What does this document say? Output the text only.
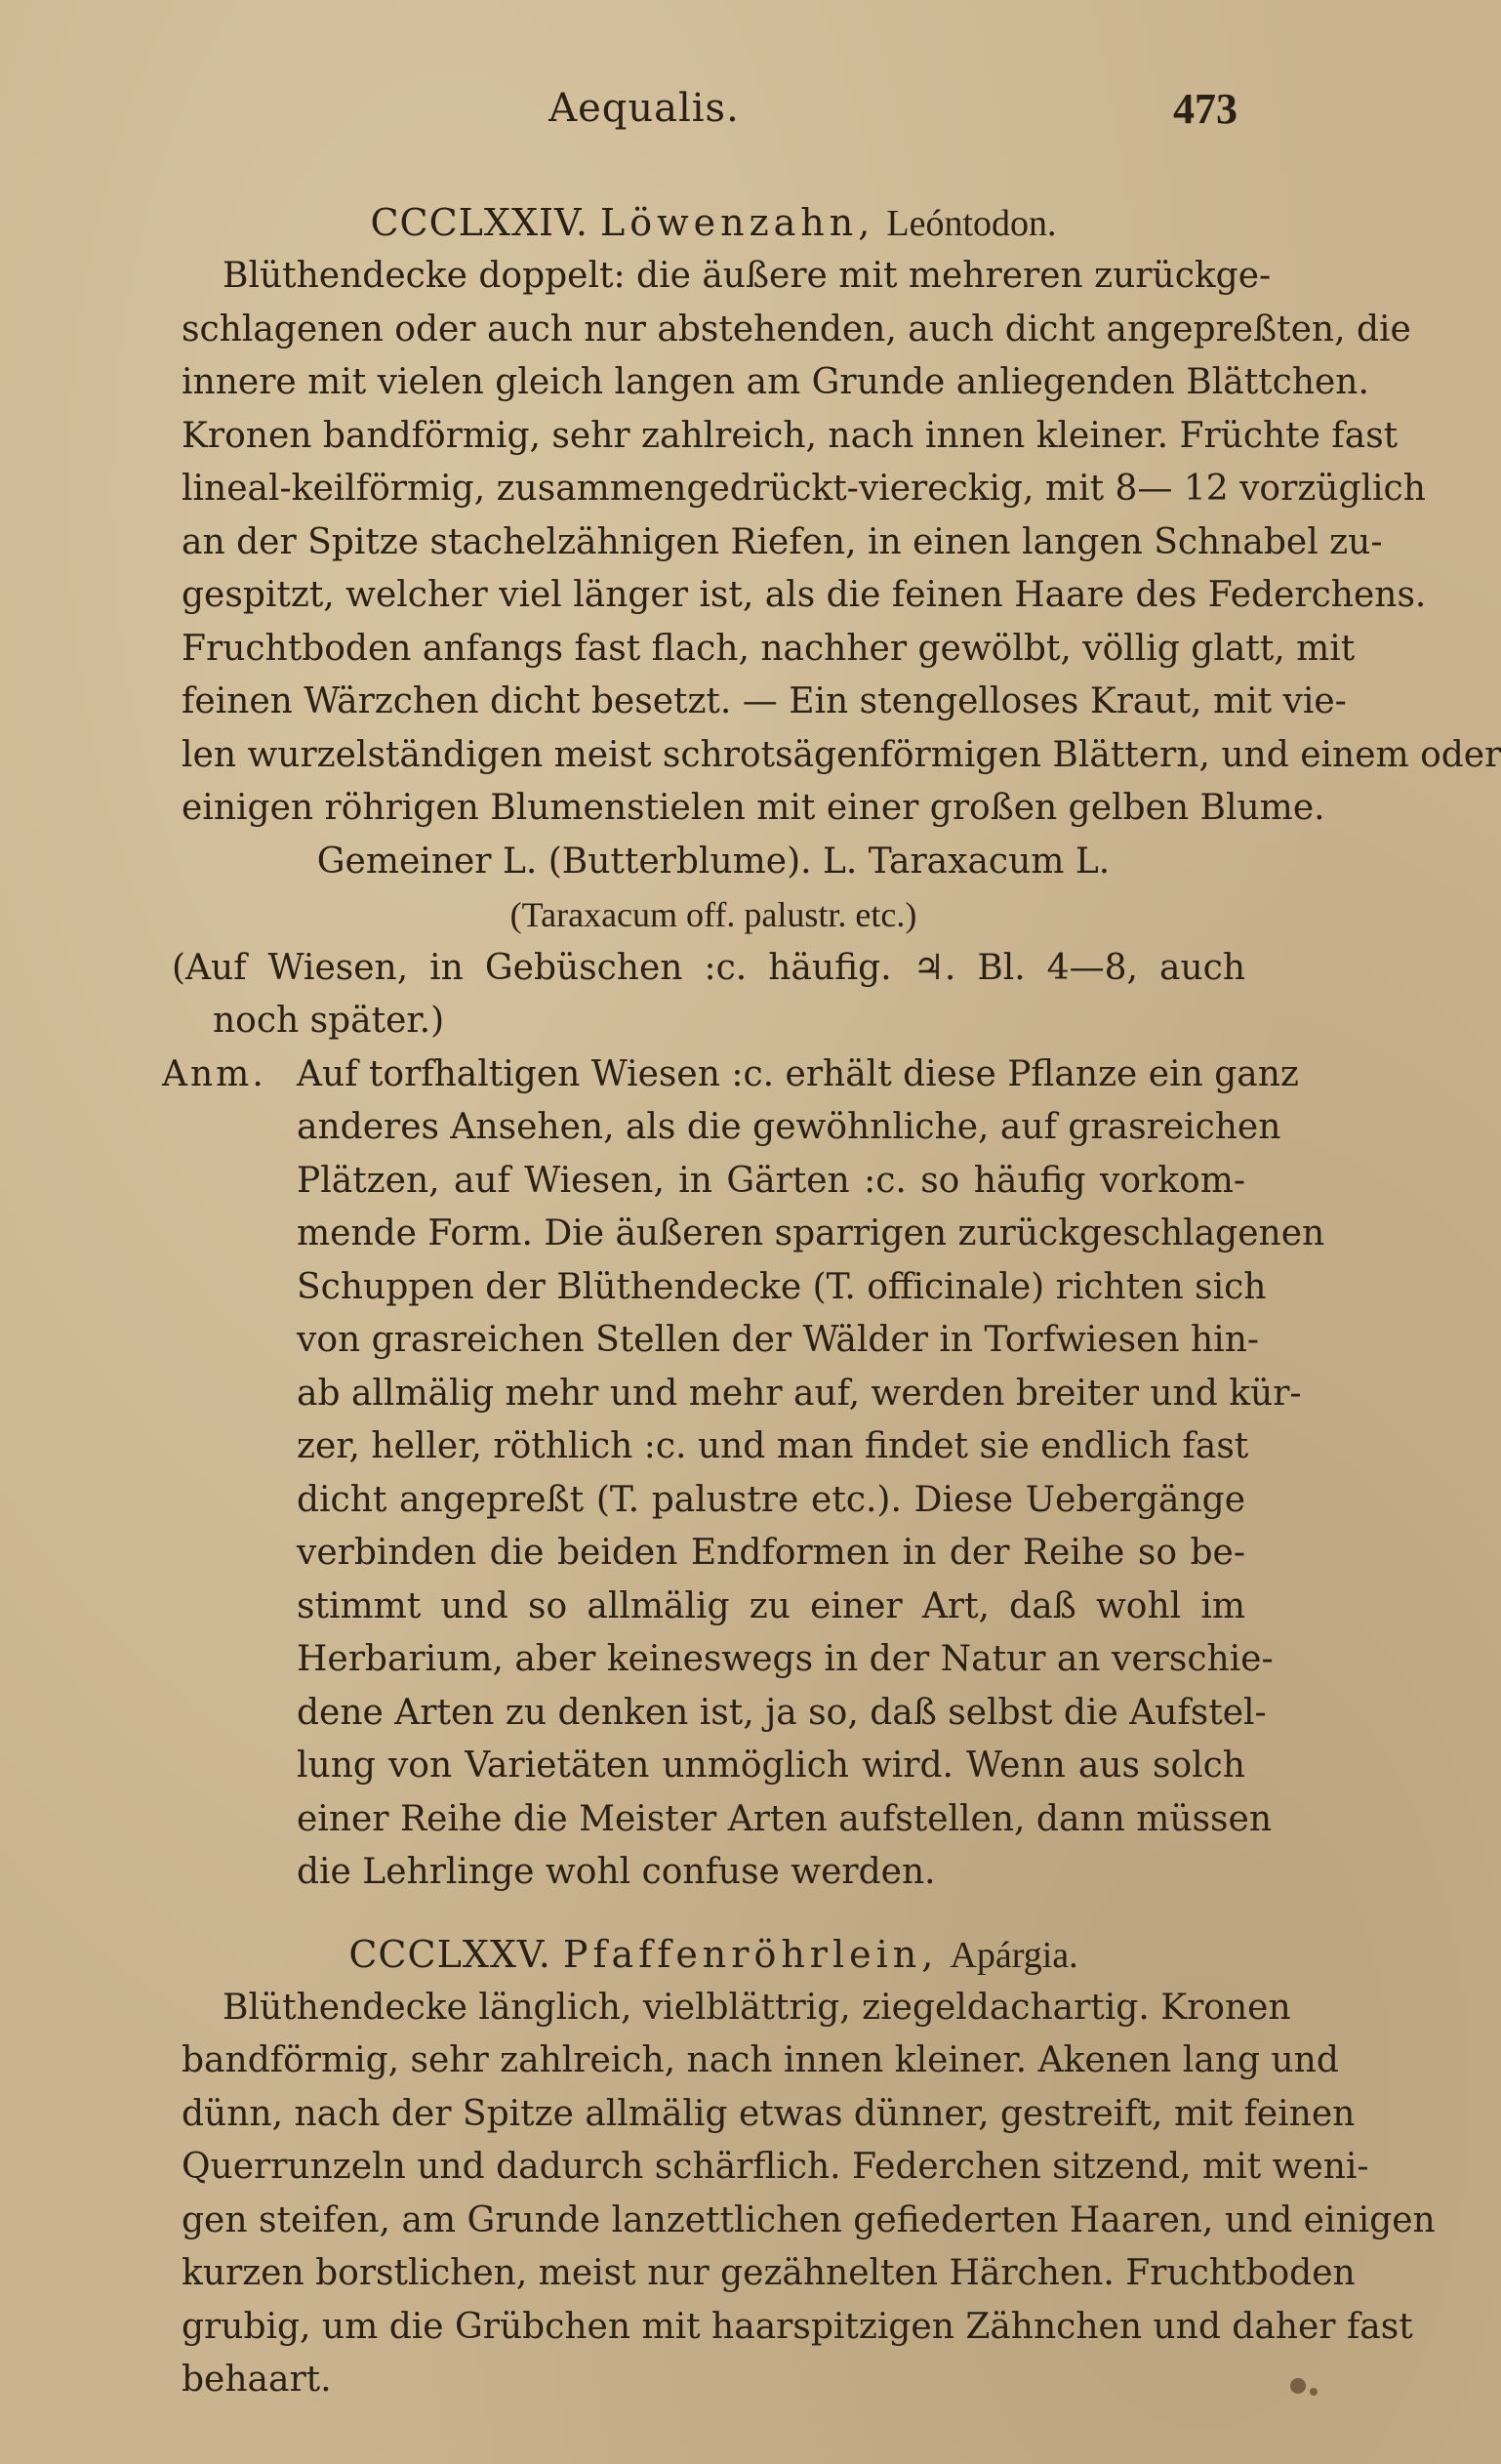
Aequalis.	473
CCCLXXIV. Löwenzahn, Leóntodon.
Blüthendecke doppelt: die äußere mit mehreren zurückge-
schlagenen oder auch nur abstehenden, auch dicht angepreßten, die
innere mit vielen gleich langen am Grunde anliegenden Blättchen.
Kronen bandförmig, sehr zahlreich, nach innen kleiner. Früchte fast
lineal-keilförmig, zusammengedrückt-viereckig, mit 8— 12 vorzüglich
an der Spitze stachelzähnigen Riefen, in einen langen Schnabel zu-
gespitzt, welcher viel länger ist, als die feinen Haare des Federchens.
Fruchtboden anfangs fast flach, nachher gewölbt, völlig glatt, mit
feinen Wärzchen dicht besetzt. — Ein stengelloses Kraut, mit vie-
len wurzelständigen meist schrotsägenförmigen Blättern, und einem oder
einigen röhrigen Blumenstielen mit einer großen gelben Blume.
Gemeiner L. (Butterblume). L. Taraxacum L.
(Taraxacum off. palustr. etc.)
(Auf Wiesen, in Gebüschen :c. häufig. ♃. Bl. 4—8, auch
noch später.)
Anm. Auf torfhaltigen Wiesen :c. erhält diese Pflanze ein ganz
anderes Ansehen, als die gewöhnliche, auf grasreichen
Plätzen, auf Wiesen, in Gärten :c. so häufig vorkom-
mende Form. Die äußeren sparrigen zurückgeschlagenen
Schuppen der Blüthendecke (T. officinale) richten sich
von grasreichen Stellen der Wälder in Torfwiesen hin-
ab allmälig mehr und mehr auf, werden breiter und kür-
zer, heller, röthlich :c. und man findet sie endlich fast
dicht angepreßt (T. palustre etc.). Diese Uebergänge
verbinden die beiden Endformen in der Reihe so be-
stimmt und so allmälig zu einer Art, daß wohl im
Herbarium, aber keineswegs in der Natur an verschie-
dene Arten zu denken ist, ja so, daß selbst die Aufstel-
lung von Varietäten unmöglich wird. Wenn aus solch
einer Reihe die Meister Arten aufstellen, dann müssen
die Lehrlinge wohl confuse werden.
CCCLXXV. Pfaffenröhrlein, Apárgia.
Blüthendecke länglich, vielblättrig, ziegeldachartig. Kronen
bandförmig, sehr zahlreich, nach innen kleiner. Akenen lang und
dünn, nach der Spitze allmälig etwas dünner, gestreift, mit feinen
Querrunzeln und dadurch schärflich. Federchen sitzend, mit weni-
gen steifen, am Grunde lanzettlichen gefiederten Haaren, und einigen
kurzen borstlichen, meist nur gezähnelten Härchen. Fruchtboden
grubig, um die Grübchen mit haarspitzigen Zähnchen und daher fast
behaart.
